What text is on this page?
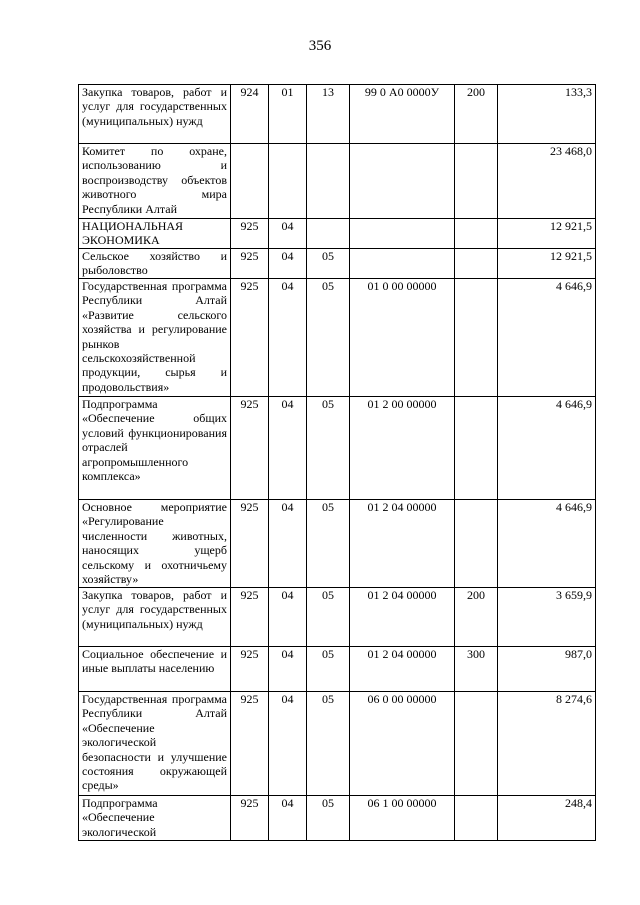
356
Закупка товаров, работ и услуг для государственных (муниципальных) нужд	924	01	13	99 0 А0 0000У	200	133,3
Комитет по охране, использованию и воспроизводству объектов животного мира Республики Алтай						23 468,0
НАЦИОНАЛЬНАЯ ЭКОНОМИКА	925	04				12 921,5
Сельское хозяйство и рыболовство	925	04	05			12 921,5
Государственная программа Республики Алтай «Развитие сельского хозяйства и регулирование рынков сельскохозяйственной продукции, сырья и продовольствия»	925	04	05	01 0 00 00000		4 646,9
Подпрограмма «Обеспечение общих условий функционирования отраслей агропромышленного комплекса»	925	04	05	01 2 00 00000		4 646,9
Основное мероприятие «Регулирование численности животных, наносящих ущерб сельскому и охотничьему хозяйству»	925	04	05	01 2 04 00000		4 646,9
Закупка товаров, работ и услуг для государственных (муниципальных) нужд	925	04	05	01 2 04 00000	200	3 659,9
Социальное обеспечение и иные выплаты населению	925	04	05	01 2 04 00000	300	987,0
Государственная программа Республики Алтай «Обеспечение экологической безопасности и улучшение состояния окружающей среды»	925	04	05	06 0 00 00000		8 274,6
Подпрограмма «Обеспечение экологической	925	04	05	06 1 00 00000		248,4
